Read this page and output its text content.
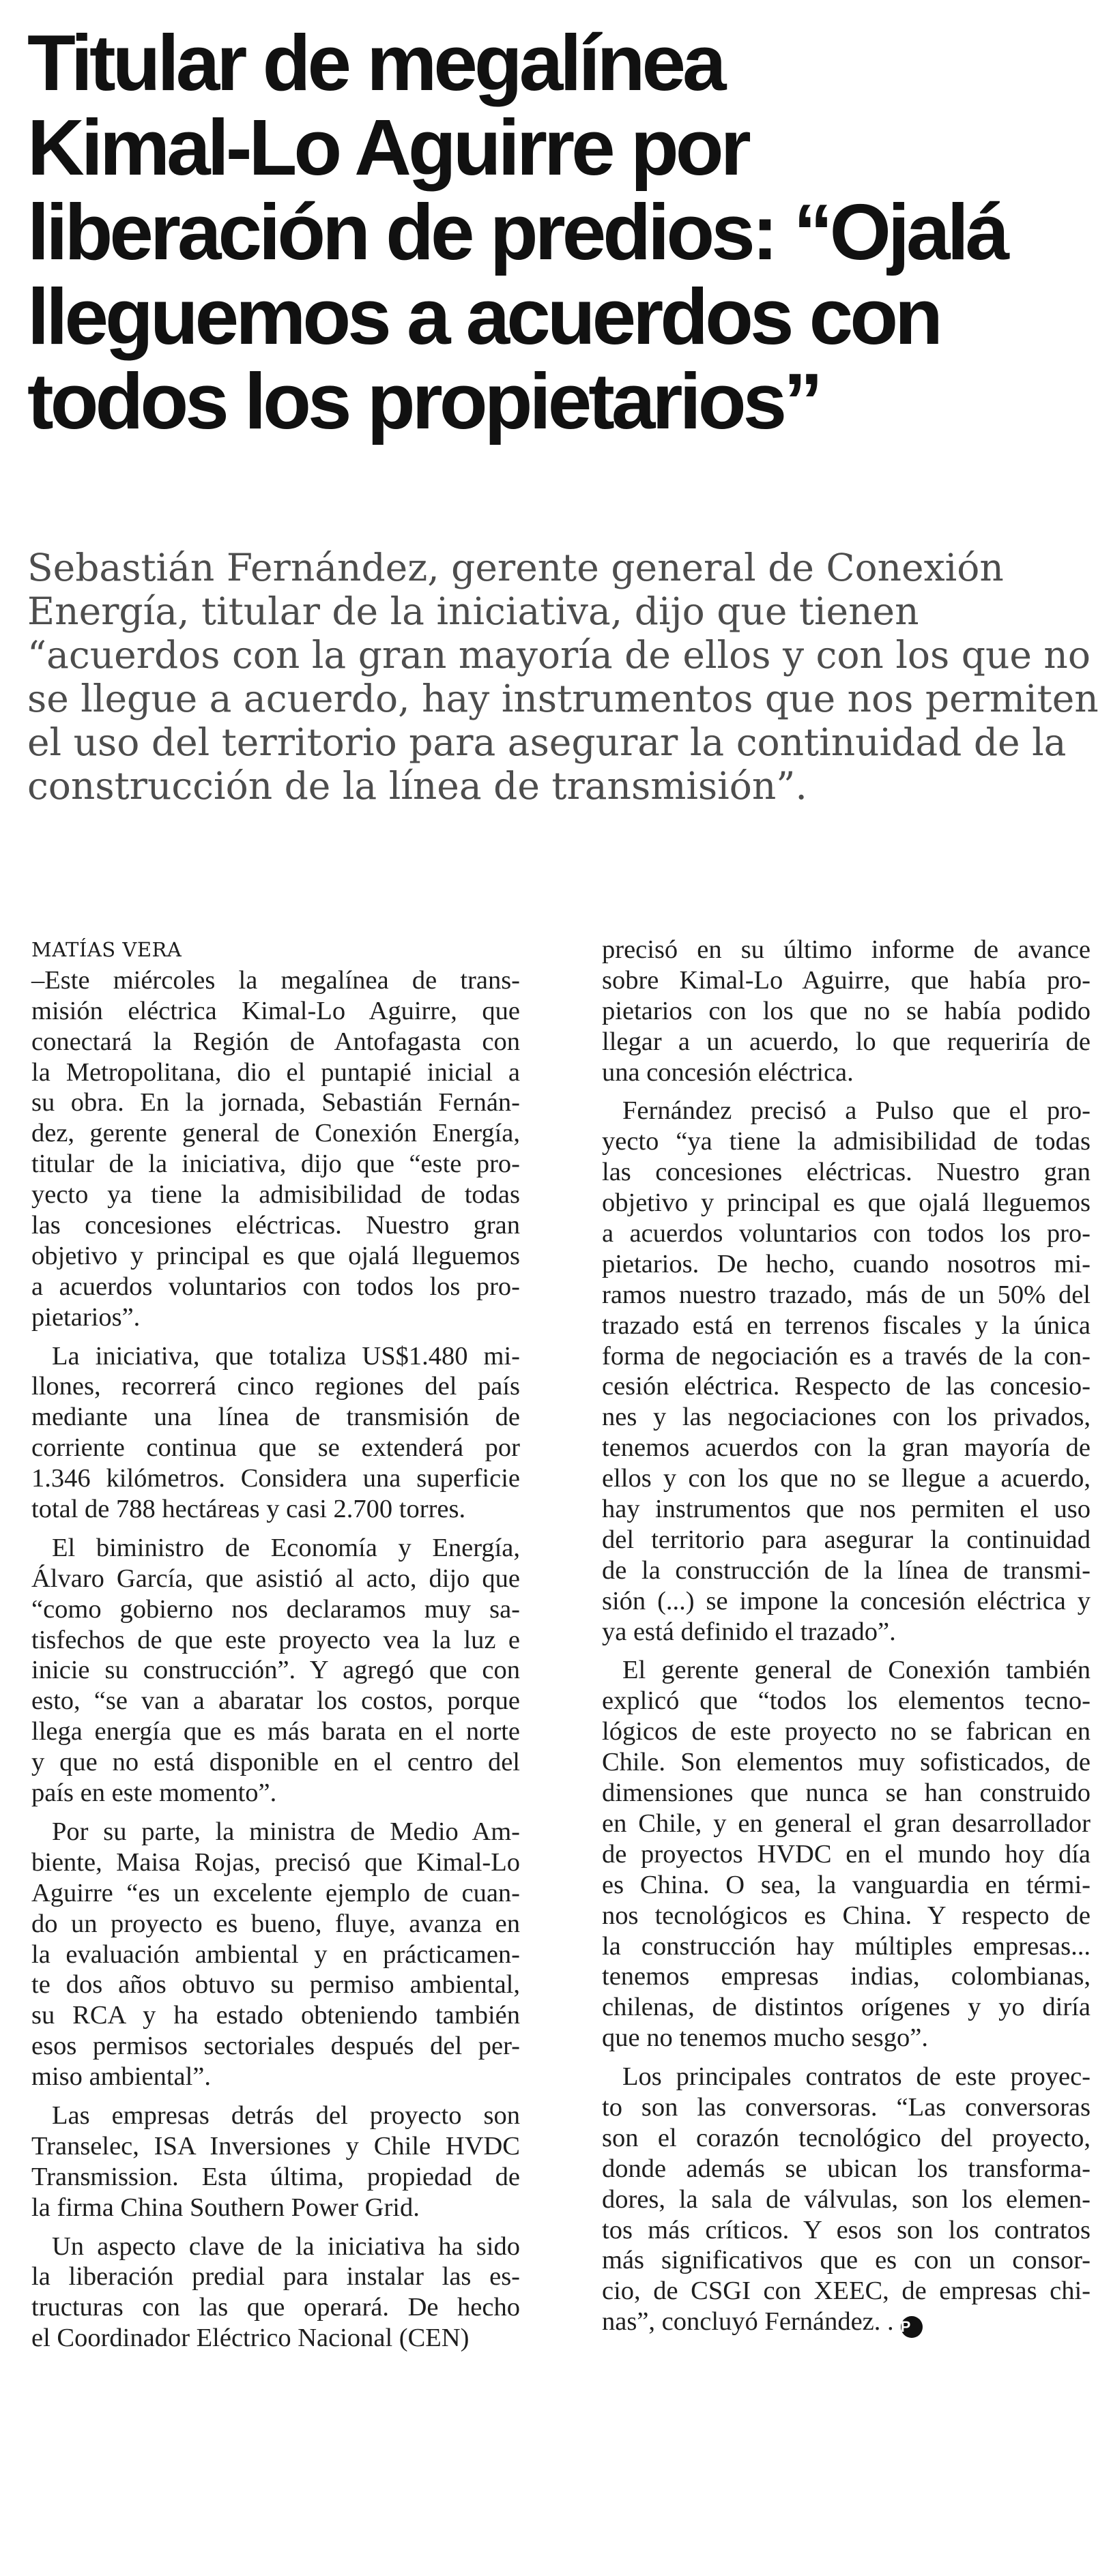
Titular de megalínea
Kimal-Lo Aguirre por
liberación de predios: “Ojalá
lleguemos a acuerdos con
todos los propietarios”
Sebastián Fernández, gerente general de Conexión
Energía, titular de la iniciativa, dijo que tienen
“acuerdos con la gran mayoría de ellos y con los que no
se llegue a acuerdo, hay instrumentos que nos permiten
el uso del territorio para asegurar la continuidad de la
construcción de la línea de transmisión”.
MATÍAS VERA
–Este miércoles la megalínea de trans-
misión eléctrica Kimal-Lo Aguirre, que
conectará la Región de Antofagasta con
la Metropolitana, dio el puntapié inicial a
su obra. En la jornada, Sebastián Fernán-
dez, gerente general de Conexión Energía,
titular de la iniciativa, dijo que “este pro-
yecto ya tiene la admisibilidad de todas
las concesiones eléctricas. Nuestro gran
objetivo y principal es que ojalá lleguemos
a acuerdos voluntarios con todos los pro-
pietarios”.
La iniciativa, que totaliza US$1.480 mi-
llones, recorrerá cinco regiones del país
mediante una línea de transmisión de
corriente continua que se extenderá por
1.346 kilómetros. Considera una superficie
total de 788 hectáreas y casi 2.700 torres.
El biministro de Economía y Energía,
Álvaro García, que asistió al acto, dijo que
“como gobierno nos declaramos muy sa-
tisfechos de que este proyecto vea la luz e
inicie su construcción”. Y agregó que con
esto, “se van a abaratar los costos, porque
llega energía que es más barata en el norte
y que no está disponible en el centro del
país en este momento”.
Por su parte, la ministra de Medio Am-
biente, Maisa Rojas, precisó que Kimal-Lo
Aguirre “es un excelente ejemplo de cuan-
do un proyecto es bueno, fluye, avanza en
la evaluación ambiental y en prácticamen-
te dos años obtuvo su permiso ambiental,
su RCA y ha estado obteniendo también
esos permisos sectoriales después del per-
miso ambiental”.
Las empresas detrás del proyecto son
Transelec, ISA Inversiones y Chile HVDC
Transmission. Esta última, propiedad de
la firma China Southern Power Grid.
Un aspecto clave de la iniciativa ha sido
la liberación predial para instalar las es-
tructuras con las que operará. De hecho
el Coordinador Eléctrico Nacional (CEN)
precisó en su último informe de avance
sobre Kimal-Lo Aguirre, que había pro-
pietarios con los que no se había podido
llegar a un acuerdo, lo que requeriría de
una concesión eléctrica.
Fernández precisó a Pulso que el pro-
yecto “ya tiene la admisibilidad de todas
las concesiones eléctricas. Nuestro gran
objetivo y principal es que ojalá lleguemos
a acuerdos voluntarios con todos los pro-
pietarios. De hecho, cuando nosotros mi-
ramos nuestro trazado, más de un 50% del
trazado está en terrenos fiscales y la única
forma de negociación es a través de la con-
cesión eléctrica. Respecto de las concesio-
nes y las negociaciones con los privados,
tenemos acuerdos con la gran mayoría de
ellos y con los que no se llegue a acuerdo,
hay instrumentos que nos permiten el uso
del territorio para asegurar la continuidad
de la construcción de la línea de transmi-
sión (...) se impone la concesión eléctrica y
ya está definido el trazado”.
El gerente general de Conexión también
explicó que “todos los elementos tecno-
lógicos de este proyecto no se fabrican en
Chile. Son elementos muy sofisticados, de
dimensiones que nunca se han construido
en Chile, y en general el gran desarrollador
de proyectos HVDC en el mundo hoy día
es China. O sea, la vanguardia en térmi-
nos tecnológicos es China. Y respecto de
la construcción hay múltiples empresas...
tenemos empresas indias, colombianas,
chilenas, de distintos orígenes y yo diría
que no tenemos mucho sesgo”.
Los principales contratos de este proyec-
to son las conversoras. “Las conversoras
son el corazón tecnológico del proyecto,
donde además se ubican los transforma-
dores, la sala de válvulas, son los elemen-
tos más críticos. Y esos son los contratos
más significativos que es con un consor-
cio, de CSGI con XEEC, de empresas chi-
nas”, concluyó Fernández. . P
